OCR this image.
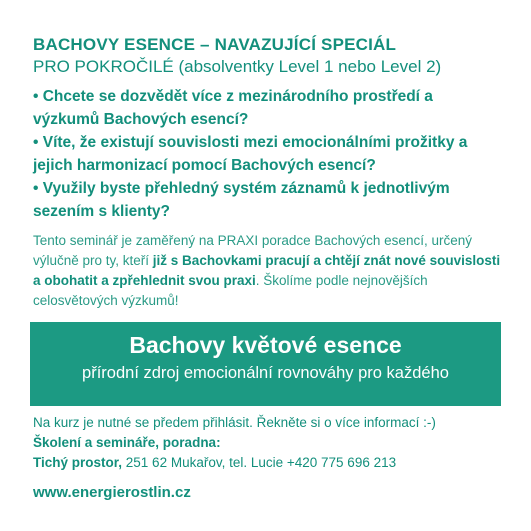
BACHOVY ESENCE – NAVAZUJÍCÍ SPECIÁL

PRO POKROČILÉ (absolventky Level 1 nebo Level 2)

• Chcete se dozvědět více z mezinárodního prostředí a výzkumů Bachových esencí?

• Víte, že existují souvislosti mezi emocionálními prožitky a jejich harmonizací pomocí Bachových esencí?

• Využily byste přehledný systém záznamů k jednotlivým sezením s klienty?

Tento seminář je zaměřený na PRAXI poradce Bachových esencí, určený výlučně pro ty, kteří již s Bachovkami pracují a chtějí znát nové souvislosti a obohatit a zpřehlednit svou praxi. Školíme podle nejnovějších celosvětových výzkumů!

Bachovy květové esence
přírodní zdroj emocionální rovnováhy pro každého

Na kurz je nutné se předem přihlásit. Řekněte si o více informací :-)

Školení a semináře, poradna:

Tichý prostor, 251 62 Mukařov, tel. Lucie +420 775 696 213

www.energierostlin.cz
